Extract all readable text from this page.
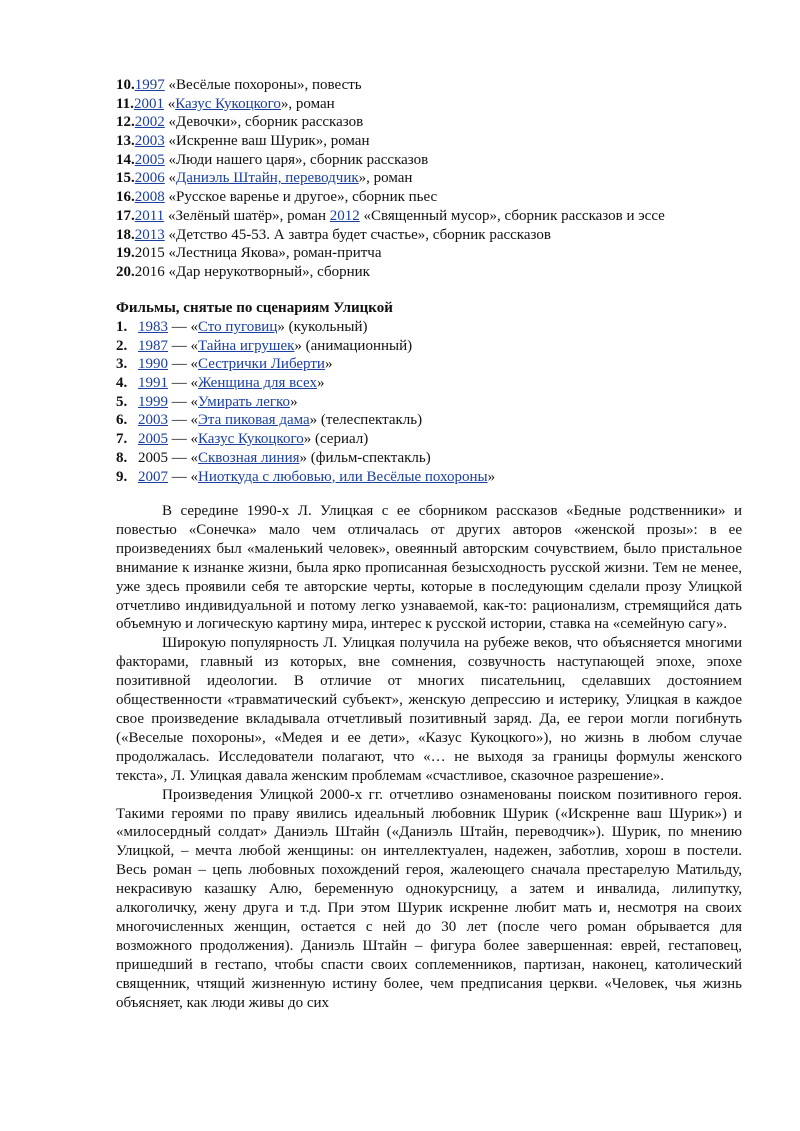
10.1997 «Весёлые похороны», повесть
11.2001 «Казус Кукоцкого», роман
12.2002 «Девочки», сборник рассказов
13.2003 «Искренне ваш Шурик», роман
14.2005 «Люди нашего царя», сборник рассказов
15.2006 «Даниэль Штайн, переводчик», роман
16.2008 «Русское варенье и другое», сборник пьес
17.2011 «Зелёный шатёр», роман 2012 «Священный мусор», сборник рассказов и эссе
18.2013 «Детство 45-53. А завтра будет счастье», сборник рассказов
19.2015 «Лестница Якова», роман-притча
20.2016 «Дар нерукотворный», сборник
Фильмы, снятые по сценариям Улицкой
1. 1983 — «Сто пуговиц» (кукольный)
2. 1987 — «Тайна игрушек» (анимационный)
3. 1990 — «Сестрички Либерти»
4. 1991 — «Женщина для всех»
5. 1999 — «Умирать легко»
6. 2003 — «Эта пиковая дама» (телеспектакль)
7. 2005 — «Казус Кукоцкого» (сериал)
8. 2005 — «Сквозная линия» (фильм-спектакль)
9. 2007 — «Ниоткуда с любовью, или Весёлые похороны»

В середине 1990-х Л. Улицкая с ее сборником рассказов «Бедные родственники» и повестью «Сонечка» мало чем отличалась от других авторов «женской прозы»: в ее произведениях был «маленький человек», овеянный авторским сочувствием, было пристальное внимание к изнанке жизни, была ярко прописанная безысходность русской жизни. Тем не менее, уже здесь проявили себя те авторские черты, которые в последующим сделали прозу Улицкой отчетливо индивидуальной и потому легко узнаваемой, как-то: рационализм, стремящийся дать объемную и логическую картину мира, интерес к русской истории, ставка на «семейную сагу».

Широкую популярность Л. Улицкая получила на рубеже веков, что объясняется многими факторами, главный из которых, вне сомнения, созвучность наступающей эпохе, эпохе позитивной идеологии. В отличие от многих писательниц, сделавших достоянием общественности «травматический субъект», женскую депрессию и истерику, Улицкая в каждое свое произведение вкладывала отчетливый позитивный заряд. Да, ее герои могли погибнуть («Веселые похороны», «Медея и ее дети», «Казус Кукоцкого»), но жизнь в любом случае продолжалась. Исследователи полагают, что «… не выходя за границы формулы женского текста», Л. Улицкая давала женским проблемам «счастливое, сказочное разрешение».

Произведения Улицкой 2000-х гг. отчетливо ознаменованы поиском позитивного героя. Такими героями по праву явились идеальный любовник Шурик («Искренне ваш Шурик») и «милосердный солдат» Даниэль Штайн («Даниэль Штайн, переводчик»). Шурик, по мнению Улицкой, – мечта любой женщины: он интеллектуален, надежен, заботлив, хорош в постели. Весь роман – цепь любовных похождений героя, жалеющего сначала престарелую Матильду, некрасивую казашку Алю, беременную однокурсницу, а затем и инвалида, лилипутку, алкоголичку, жену друга и т.д. При этом Шурик искренне любит мать и, несмотря на своих многочисленных женщин, остается с ней до 30 лет (после чего роман обрывается для возможного продолжения). Даниэль Штайн – фигура более завершенная: еврей, гестаповец, пришедший в гестапо, чтобы спасти своих соплеменников, партизан, наконец, католический священник, чтящий жизненную истину более, чем предписания церкви. «Человек, чья жизнь объясняет, как люди живы до сих
